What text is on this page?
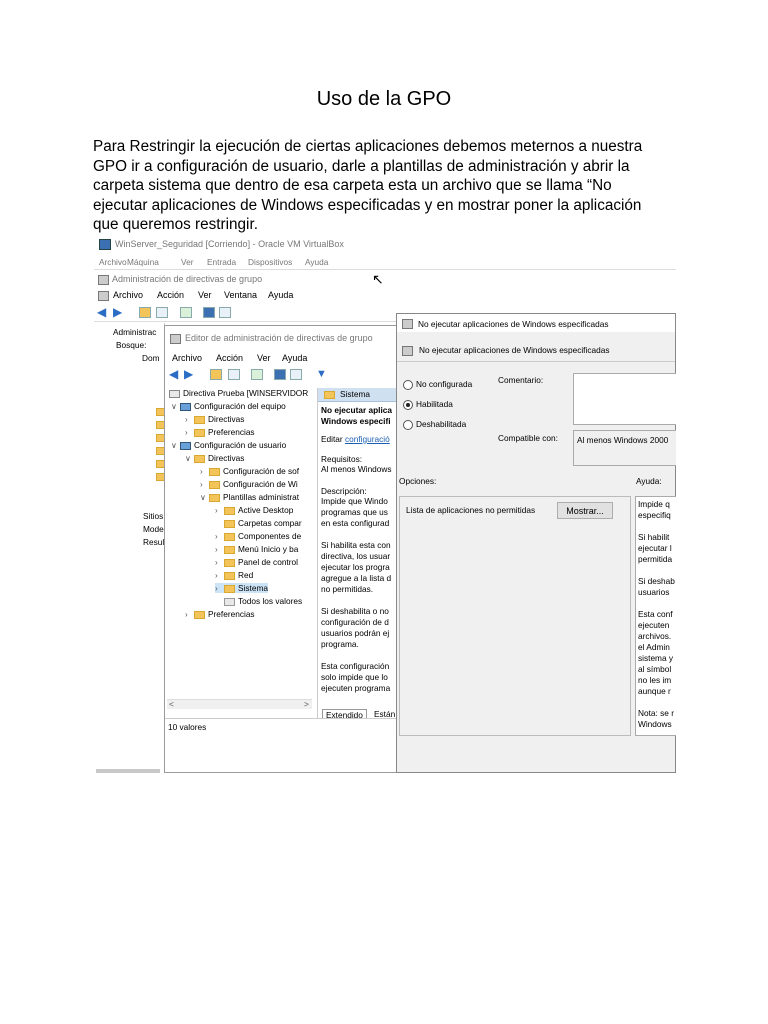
Uso de la GPO
Para Restringir la ejecución de ciertas aplicaciones debemos meternos a nuestra
GPO ir a configuración de usuario, darle a plantillas de administración y abrir la
carpeta sistema que dentro de esa carpeta esta un archivo que se llama “No
ejecutar aplicaciones de Windows especificadas y en mostrar poner la aplicación
que queremos restringir.
WinServer_Seguridad [Corriendo] - Oracle VM VirtualBox
Archivo Máquina	Ver Entrada Dispositivos Ayuda
Administración de directivas de grupo
Archivo Acción Ver Ventana Ayuda
◀ ▶
Administrac
Bosque:
Dom
Sitios
Mode
Resul
Editor de administración de directivas de grupo
Archivo Acción Ver Ayuda
◀ ▶	▼
Directiva Prueba [WINSERVIDOR
∨ Configuración del equipo
› Directivas
› Preferencias
∨ Configuración de usuario
∨ Directivas
› Configuración de sof
› Configuración de Wi
∨ Plantillas administrat
› Active Desktop
Carpetas compar
› Componentes de
› Menú Inicio y ba
› Panel de control
› Red
› Sistema
Todos los valores
› Preferencias
<	>
Sistema
No ejecutar aplica
Windows especifi
Editar configuració
Requisitos:
Al menos Windows
Descripción:
Impide que Windo
programas que us
en esta configurad
Si habilita esta con
directiva, los usuar
ejecutar los progra
agregue a la lista d
no permitidas.
Si deshabilita o no
configuración de d
usuarios podrán ej
programa.
Esta configuración
solo impide que lo
ejecuten programa
Extendido	Están
10 valores
No ejecutar aplicaciones de Windows especificadas
No ejecutar aplicaciones de Windows especificadas
No configurada
Habilitada
Deshabilitada
Comentario:
Compatible con: Al menos Windows 2000
Opciones:	Ayuda:
Lista de aplicaciones no permitidas	Mostrar...
Impide q
especifiq
Si habilit
ejecutar l
permitida
Si deshab
usuarios
Esta conf
ejecuten
archivos.
el Admin
sistema y
al símbol
no les im
aunque r
Nota: se r
Windows
↖
